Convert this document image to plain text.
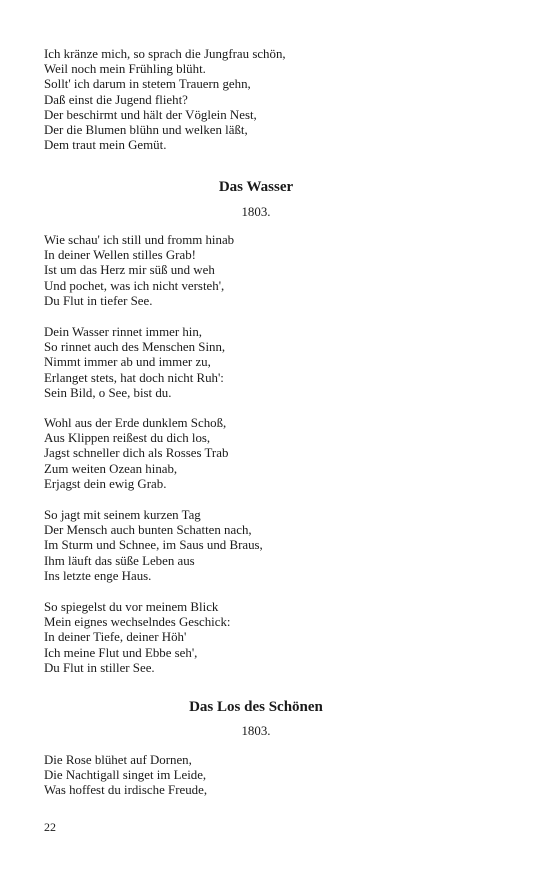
Ich kränze mich, so sprach die Jungfrau schön,
Weil noch mein Frühling blüht.
Sollt' ich darum in stetem Trauern gehn,
Daß einst die Jugend flieht?
Der beschirmt und hält der Vöglein Nest,
Der die Blumen blühn und welken läßt,
Dem traut mein Gemüt.
Das Wasser
1803.
Wie schau' ich still und fromm hinab
In deiner Wellen stilles Grab!
Ist um das Herz mir süß und weh
Und pochet, was ich nicht versteh',
Du Flut in tiefer See.
Dein Wasser rinnet immer hin,
So rinnet auch des Menschen Sinn,
Nimmt immer ab und immer zu,
Erlanget stets, hat doch nicht Ruh':
Sein Bild, o See, bist du.
Wohl aus der Erde dunklem Schoß,
Aus Klippen reißest du dich los,
Jagst schneller dich als Rosses Trab
Zum weiten Ozean hinab,
Erjagst dein ewig Grab.
So jagt mit seinem kurzen Tag
Der Mensch auch bunten Schatten nach,
Im Sturm und Schnee, im Saus und Braus,
Ihm läuft das süße Leben aus
Ins letzte enge Haus.
So spiegelst du vor meinem Blick
Mein eignes wechselndes Geschick:
In deiner Tiefe, deiner Höh'
Ich meine Flut und Ebbe seh',
Du Flut in stiller See.
Das Los des Schönen
1803.
Die Rose blühet auf Dornen,
Die Nachtigall singet im Leide,
Was hoffest du irdische Freude,
22
